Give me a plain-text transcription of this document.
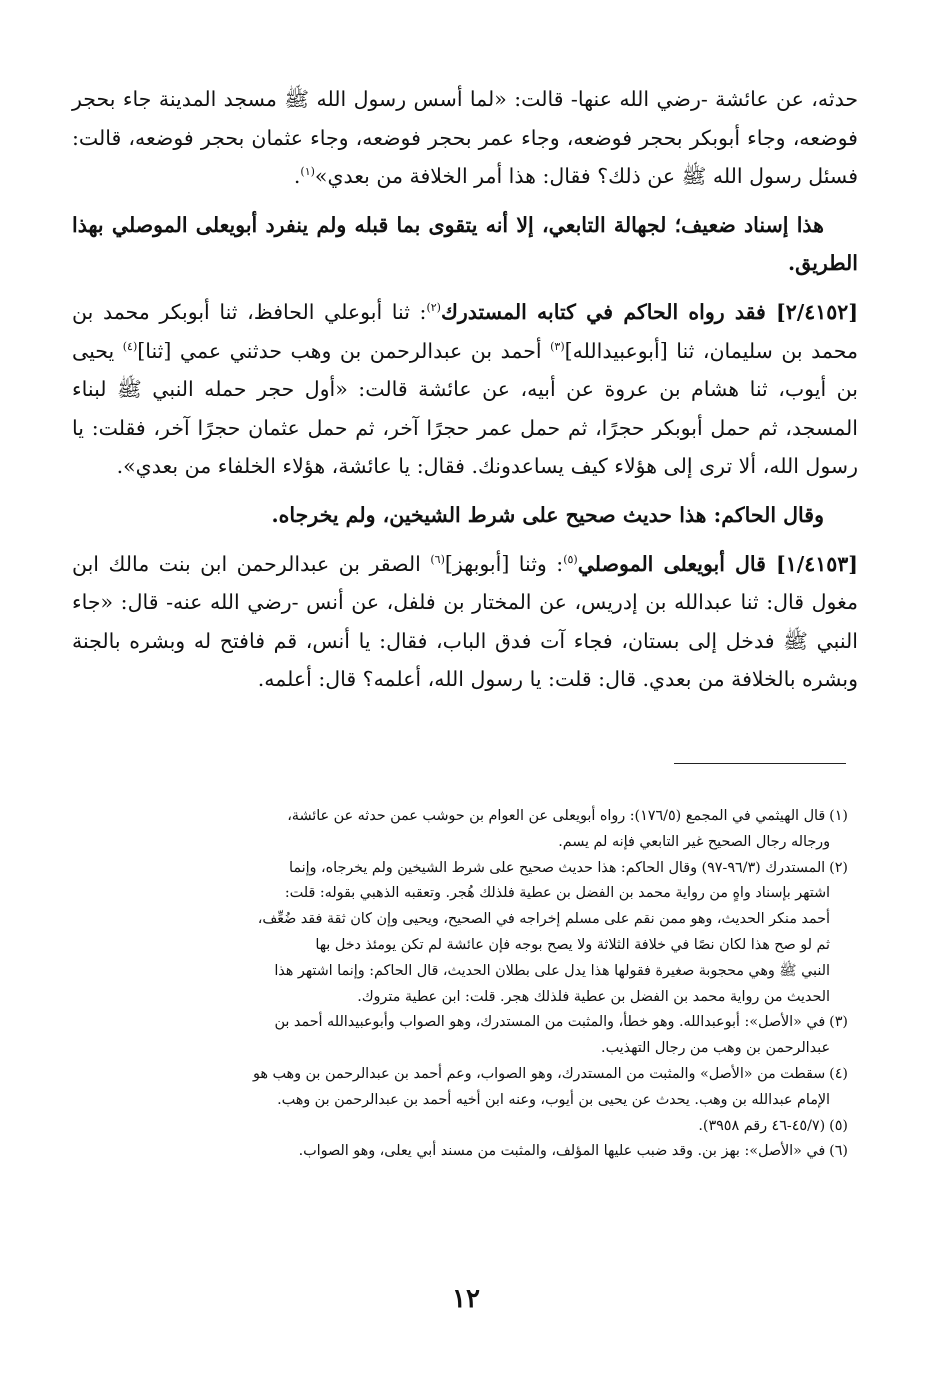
حدثه، عن عائشة -رضي الله عنها- قالت: «لما أسس رسول الله ﷺ مسجد المدينة جاء بحجر فوضعه، وجاء أبوبكر بحجر فوضعه، وجاء عمر بحجر فوضعه، وجاء عثمان بحجر فوضعه، قالت: فسئل رسول الله ﷺ عن ذلك؟ فقال: هذا أمر الخلافة من بعدي»$^{(١)}$.

هذا إسناد ضعيف؛ لجهالة التابعي، إلا أنه يتقوى بما قبله ولم ينفرد أبويعلى الموصلي بهذا الطريق.

[٢/٤١٥٢] فقد رواه الحاكم في كتابه المستدرك$^{(٢)}$: ثنا أبوعلي الحافظ، ثنا أبوبكر محمد بن محمد بن سليمان، ثنا [أبوعبيدالله]$^{(٣)}$ أحمد بن عبدالرحمن بن وهب حدثني عمي [ثنا]$^{(٤)}$ يحيى بن أيوب، ثنا هشام بن عروة عن أبيه، عن عائشة قالت: «أول حجر حمله النبي ﷺ لبناء المسجد، ثم حمل أبوبكر حجرًا، ثم حمل عمر حجرًا آخر، ثم حمل عثمان حجرًا آخر، فقلت: يا رسول الله، ألا ترى إلى هؤلاء كيف يساعدونك. فقال: يا عائشة، هؤلاء الخلفاء من بعدي».

وقال الحاكم: هذا حديث صحيح على شرط الشيخين، ولم يخرجاه.

[١/٤١٥٣] قال أبويعلى الموصلي$^{(٥)}$: وثنا [أبوبهز]$^{(٦)}$ الصقر بن عبدالرحمن ابن بنت مالك ابن مغول قال: ثنا عبدالله بن إدريس، عن المختار بن فلفل، عن أنس -رضي الله عنه- قال: «جاء النبي ﷺ فدخل إلى بستان، فجاء آت فدق الباب، فقال: يا أنس، قم فافتح له وبشره بالجنة وبشره بالخلافة من بعدي. قال: قلت: يا رسول الله، أعلمه؟ قال: أعلمه.

(١)قال الهيثمي في المجمع (١٧٦/٥): رواه أبويعلى عن العوام بن حوشب عمن حدثه عن عائشة،

ورجاله رجال الصحيح غير التابعي فإنه لم يسم.

(٢)المستدرك (٩٦/٣-٩٧) وقال الحاكم: هذا حديث صحيح على شرط الشيخين ولم يخرجاه، وإنما

اشتهر بإسناد واهٍ من رواية محمد بن الفضل بن عطية فلذلك هُجر. وتعقبه الذهبي بقوله: قلت:

أحمد منكر الحديث، وهو ممن نقم على مسلم إخراجه في الصحيح، ويحيى وإن كان ثقة فقد ضُعِّف،

ثم لو صح هذا لكان نصًا في خلافة الثلاثة ولا يصح بوجه فإن عائشة لم تكن يومئذ دخل بها

النبي ﷺ وهي محجوبة صغيرة فقولها هذا يدل على بطلان الحديث، قال الحاكم: وإنما اشتهر هذا

الحديث من رواية محمد بن الفضل بن عطية فلذلك هجر. قلت: ابن عطية متروك.

(٣)في «الأصل»: أبوعبدالله. وهو خطأ، والمثبت من المستدرك، وهو الصواب وأبوعبيدالله أحمد بن

عبدالرحمن بن وهب من رجال التهذيب.

(٤)سقطت من «الأصل» والمثبت من المستدرك، وهو الصواب، وعم أحمد بن عبدالرحمن بن وهب هو

الإمام عبدالله بن وهب. يحدث عن يحيى بن أيوب، وعنه ابن أخيه أحمد بن عبدالرحمن بن وهب.

(٥)(٤٥/٧-٤٦ رقم ٣٩٥٨).

(٦)في «الأصل»: بهز بن. وقد ضبب عليها المؤلف، والمثبت من مسند أبي يعلى، وهو الصواب.

١٢
